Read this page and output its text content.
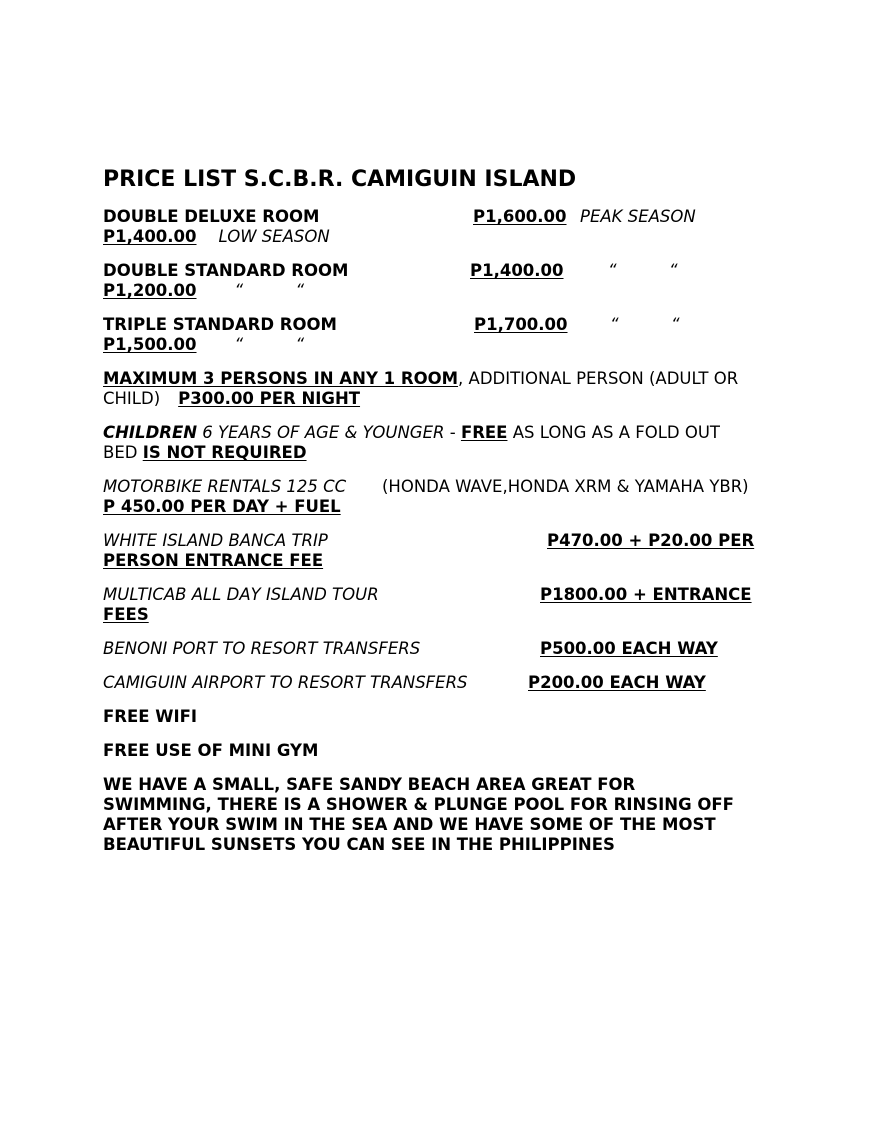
PRICE LIST S.C.B.R. CAMIGUIN ISLAND
DOUBLE DELUXE ROOM	P1,600.00 PEAK SEASON
P1,400.00 LOW SEASON
DOUBLE STANDARD ROOM	P1,400.00	“          “
P1,200.00 “          “
TRIPLE STANDARD ROOM	P1,700.00	“          “
P1,500.00 “          “
MAXIMUM 3 PERSONS IN ANY 1 ROOM, ADDITIONAL PERSON (ADULT OR
CHILD) P300.00 PER NIGHT
CHILDREN 6 YEARS OF AGE & YOUNGER - FREE AS LONG AS A FOLD OUT
BED IS NOT REQUIRED
MOTORBIKE RENTALS 125 CC (HONDA WAVE,HONDA XRM & YAMAHA YBR)
P 450.00 PER DAY + FUEL
WHITE ISLAND BANCA TRIP	P470.00 + P20.00 PER
PERSON ENTRANCE FEE
MULTICAB ALL DAY ISLAND TOUR	P1800.00 + ENTRANCE
FEES
BENONI PORT TO RESORT TRANSFERS	P500.00 EACH WAY
CAMIGUIN AIRPORT TO RESORT TRANSFERS	P200.00 EACH WAY
FREE WIFI
FREE USE OF MINI GYM
WE HAVE A SMALL, SAFE SANDY BEACH AREA GREAT FOR
SWIMMING, THERE IS A SHOWER & PLUNGE POOL FOR RINSING OFF
AFTER YOUR SWIM IN THE SEA AND WE HAVE SOME OF THE MOST
BEAUTIFUL SUNSETS YOU CAN SEE IN THE PHILIPPINES
